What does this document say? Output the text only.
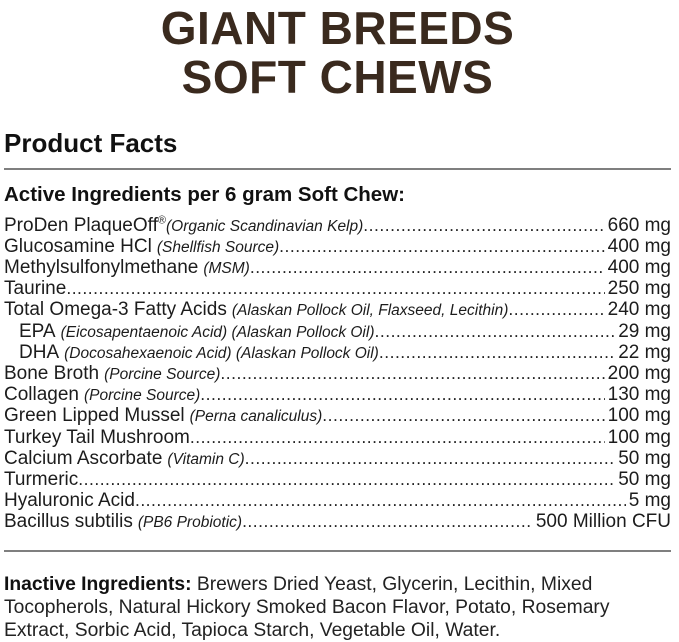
GIANT BREEDS
SOFT CHEWS
Product Facts
Active Ingredients per 6 gram Soft Chew:
ProDen PlaqueOff®(Organic Scandinavian Kelp) .....	660 mg
Glucosamine HCl (Shellfish Source) .....	400 mg
Methylsulfonylmethane (MSM) .....	400 mg
Taurine .....	250 mg
Total Omega-3 Fatty Acids (Alaskan Pollock Oil, Flaxseed, Lecithin) .....	240 mg
EPA (Eicosapentaenoic Acid) (Alaskan Pollock Oil) .....	29 mg
DHA (Docosahexaenoic Acid) (Alaskan Pollock Oil) .....	22 mg
Bone Broth (Porcine Source) .....	200 mg
Collagen (Porcine Source) .....	130 mg
Green Lipped Mussel (Perna canaliculus) .....	100 mg
Turkey Tail Mushroom .....	100 mg
Calcium Ascorbate (Vitamin C) .....	50 mg
Turmeric .....	50 mg
Hyaluronic Acid .....	5 mg
Bacillus subtilis (PB6 Probiotic) .....	500 Million CFU
Inactive Ingredients: Brewers Dried Yeast, Glycerin, Lecithin, Mixed Tocopherols, Natural Hickory Smoked Bacon Flavor, Potato, Rosemary Extract, Sorbic Acid, Tapioca Starch, Vegetable Oil, Water.
